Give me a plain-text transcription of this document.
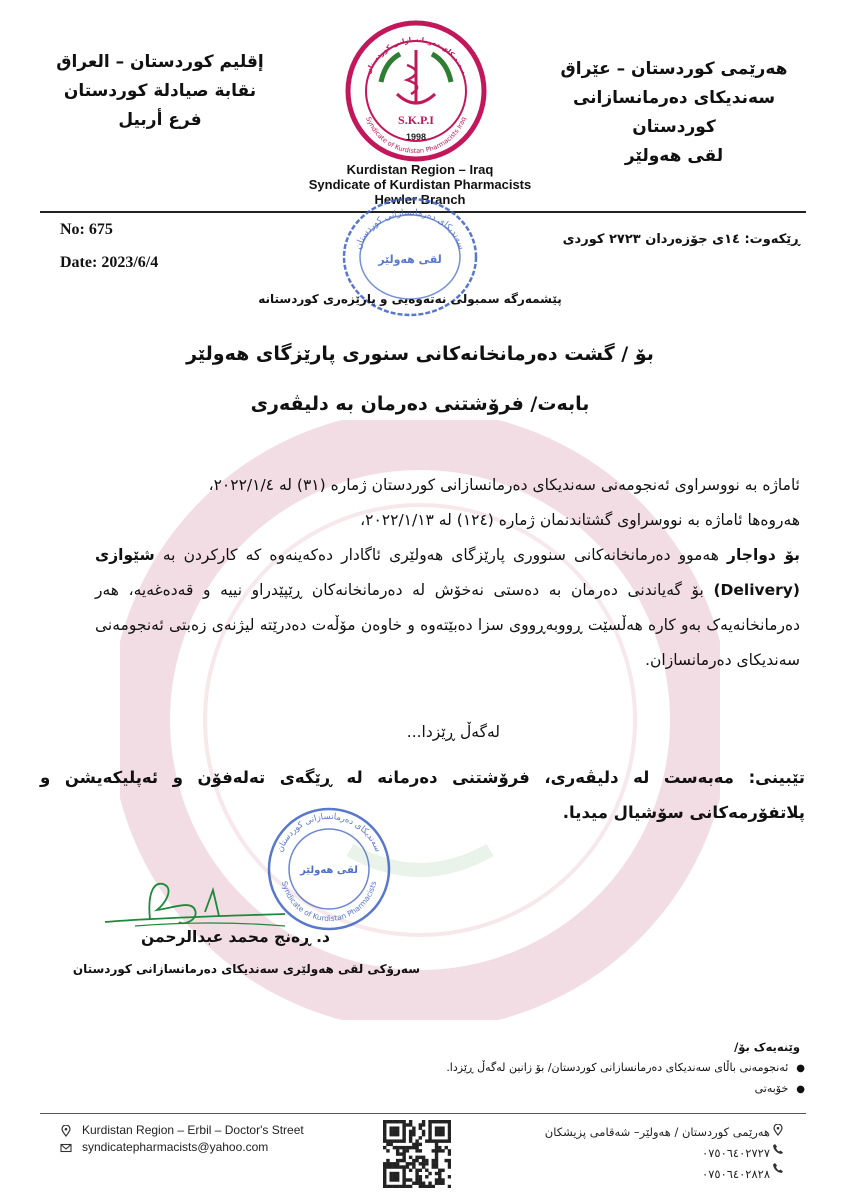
إقليم كوردستان – العراق
نقابة صيادلة كوردستان
فرع أربيل	S.K.P.I
1998
سەندیکای دەرمانسازانی کوردستان
Syndicate of Kurdistan Pharmacists Iraq
هەرێمی کوردستان – عێراق
سەندیکای دەرمانسازانی کوردستان
لقی هەولێر
Kurdistan Region – Iraq
Syndicate of Kurdistan Pharmacists
Hewler Branch
No: 675
Date: 2023/6/4
ڕێکەوت: ١٤ی جۆزەردان ٢٧٢٣ کوردی
سەندیکای دەرمانسازانی کوردستان
لقی هەولێر
پێشمەرگە سمبولی نەتەوەیی و پارێزەری کوردستانە
بۆ / گشت دەرمانخانەکانی سنوری پارێزگای هەولێر
بابەت/ فرۆشتنی دەرمان بە دلیڤەری

ئاماژە بە نووسراوی ئەنجومەنی سەندیکای دەرمانسازانی کوردستان ژمارە (٣١) لە ٢٠٢٢/١/٤،

هەروەها ئاماژە بە نووسراوی گشتاندنمان ژمارە (١٢٤) لە ٢٠٢٢/١/١٣،

بۆ دواجار هەموو دەرمانخانەکانی سنووری پارێزگای هەولێری ئاگادار دەکەینەوە کە کارکردن بە شێوازی (Delivery) بۆ گەیاندنی دەرمان بە دەستی نەخۆش لە دەرمانخانەکان ڕێپێدراو نییە و قەدەغەیە، هەر دەرمانخانەیەک بەو کارە هەڵسێت ڕووبەڕووی سزا دەبێتەوە و خاوەن مۆڵەت دەدرێتە لیژنەی زەبتی ئەنجومەنی سەندیکای دەرمانسازان.

لەگەڵ ڕێزدا...
تێبینی: مەبەست لە دلیڤەری، فرۆشتنی دەرمانە لە ڕێگەی تەلەفۆن و ئەپلیکەیشن و پلاتفۆرمەکانی سۆشیال میدیا.
سەندیکای دەرمانسازانی کوردستان
Syndicate of Kurdistan Pharmacists
لقی هەولێر
د. ڕەنج محمد عبدالرحمن
سەرۆکی لقی هەولێری سەندیکای دەرمانسازانی کوردستان
وێنەیەک بۆ/
● ئەنجومەنی باڵای سەندیکای دەرمانسازانی کوردستان/ بۆ زانین لەگەڵ ڕێزدا.
● خۆبەتی
Kurdistan Region – Erbil – Doctor's Street
syndicatepharmacists@yahoo.com
هەرێمی کوردستان / هەولێر– شەقامی پزیشکان
٠٧٥٠٦٤٠٢٧٢٧
٠٧٥٠٦٤٠٢٨٢٨
